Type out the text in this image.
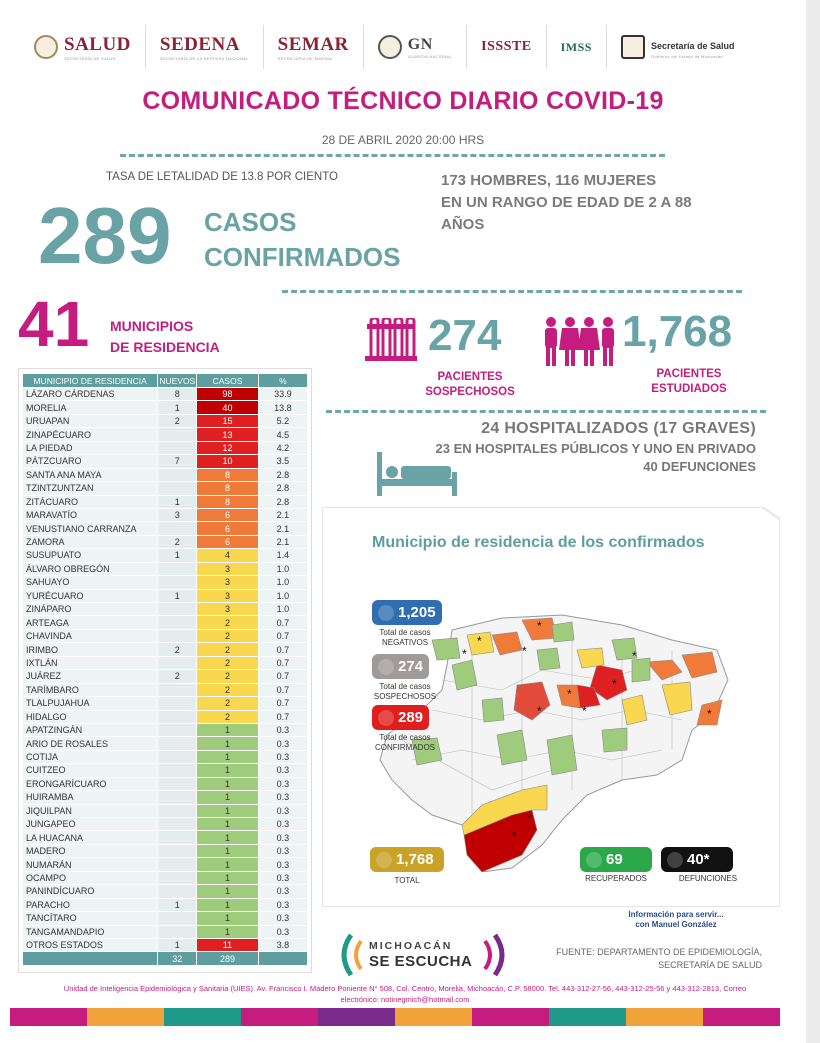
SALUD
SECRETARÍA DE SALUD
SEDENA
SECRETARÍA DE LA DEFENSA NACIONAL
SEMAR
SECRETARÍA DE MARINA
GN
GUARDIA NACIONAL
ISSSTE IMSS	Secretaría de Salud
Gobierno del Estado de Michoacán
COMUNICADO TÉCNICO DIARIO COVID-19
28 DE ABRIL 2020 20:00 HRS
TASA DE LETALIDAD DE 13.8 POR CIENTO
289 CASOS
CONFIRMADOS
173 HOMBRES, 116 MUJERES
EN UN RANGO DE EDAD DE 2 A 88
AÑOS
41 MUNICIPIOS
DE RESIDENCIA	274
PACIENTES
SOSPECHOSOS
1,768
PACIENTES
ESTUDIADOS
24 HOSPITALIZADOS (17 GRAVES)
23 EN HOSPITALES PÚBLICOS Y UNO EN PRIVADO
40 DEFUNCIONES
MUNICIPIO DE RESIDENCIA	NUEVOS	CASOS	%
LÁZARO CÁRDENAS	8	98	33.9
MORELIA	1	40	13.8
URUAPAN	2	15	5.2
ZINAPÉCUARO		13	4.5
LA PIEDAD		12	4.2
PÁTZCUARO	7	10	3.5
SANTA ANA MAYA		8	2.8
TZINTZUNTZAN		8	2.8
ZITÁCUARO	1	8	2.8
MARAVATÍO	3	6	2.1
VENUSTIANO CARRANZA		6	2.1
ZAMORA	2	6	2.1
SUSUPUATO	1	4	1.4
ÁLVARO OBREGÓN		3	1.0
SAHUAYO		3	1.0
YURÉCUARO	1	3	1.0
ZINÁPARO		3	1.0
ARTEAGA		2	0.7
CHAVINDA		2	0.7
IRIMBO	2	2	0.7
IXTLÁN		2	0.7
JUÁREZ	2	2	0.7
TARÍMBARO		2	0.7
TLALPUJAHUA		2	0.7
HIDALGO		2	0.7
APATZINGÁN		1	0.3
ARIO DE ROSALES		1	0.3
COTIJA		1	0.3
CUITZEO		1	0.3
ERONGARÍCUARO		1	0.3
HUIRAMBA		1	0.3
JIQUILPAN		1	0.3
JUNGAPEO		1	0.3
LA HUACANA		1	0.3
MADERO		1	0.3
NUMARÁN		1	0.3
OCAMPO		1	0.3
PANINDÍCUARO		1	0.3
PARACHO	1	1	0.3
TANCÍTARO		1	0.3
TANGAMANDAPIO		1	0.3
OTROS ESTADOS	1	11	3.8
	32	289	
Municipio de residencia de los confirmados
*
*
*
*
*
*
*
*
*
*
*
*
1,205
Total de casos
NEGATIVOS
274
Total de casos
SOSPECHOSOS
289
Total de casos
CONFIRMADOS
1,768
TOTAL
69
RECUPERADOS
40*
DEFUNCIONES
Información para servir... con Manuel González
MICHOACÁN
SE ESCUCHA
FUENTE: DEPARTAMENTO DE EPIDEMIOLOGÍA,
SECRETARÍA DE SALUD
Unidad de Inteligencia Epidemiológica y Sanitaria (UIES). Av. Francisco I. Madero Poniente N° 508, Col. Centro, Morelia, Michoacán, C.P. 58000. Tel. 443-312-27-56, 443-312-25-56 y 443-312-2813, Correo
electrónico: notinegmich@hotmail.com
